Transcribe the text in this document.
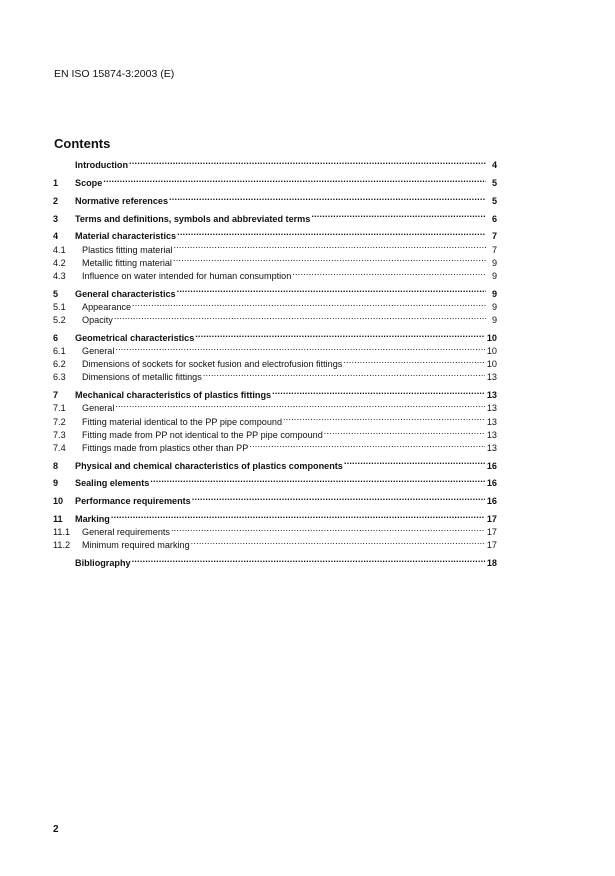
EN ISO 15874-3:2003 (E)
Contents
Introduction .....	4
1	Scope .....	5
2	Normative references .....	5
3	Terms and definitions, symbols and abbreviated terms .....	6
4	Material characteristics .....	7
4.1	Plastics fitting material .....	7
4.2	Metallic fitting material .....	9
4.3	Influence on water intended for human consumption .....	9
5	General characteristics .....	9
5.1	Appearance .....	9
5.2	Opacity .....	9
6	Geometrical characteristics .....	10
6.1	General .....	10
6.2	Dimensions of sockets for socket fusion and electrofusion fittings .....	10
6.3	Dimensions of metallic fittings .....	13
7	Mechanical characteristics of plastics fittings .....	13
7.1	General .....	13
7.2	Fitting material identical to the PP pipe compound .....	13
7.3	Fitting made from PP not identical to the PP pipe compound .....	13
7.4	Fittings made from plastics other than PP .....	13
8	Physical and chemical characteristics of plastics components .....	16
9	Sealing elements .....	16
10	Performance requirements .....	16
11	Marking .....	17
11.1	General requirements .....	17
11.2	Minimum required marking .....	17
Bibliography .....	18
2
